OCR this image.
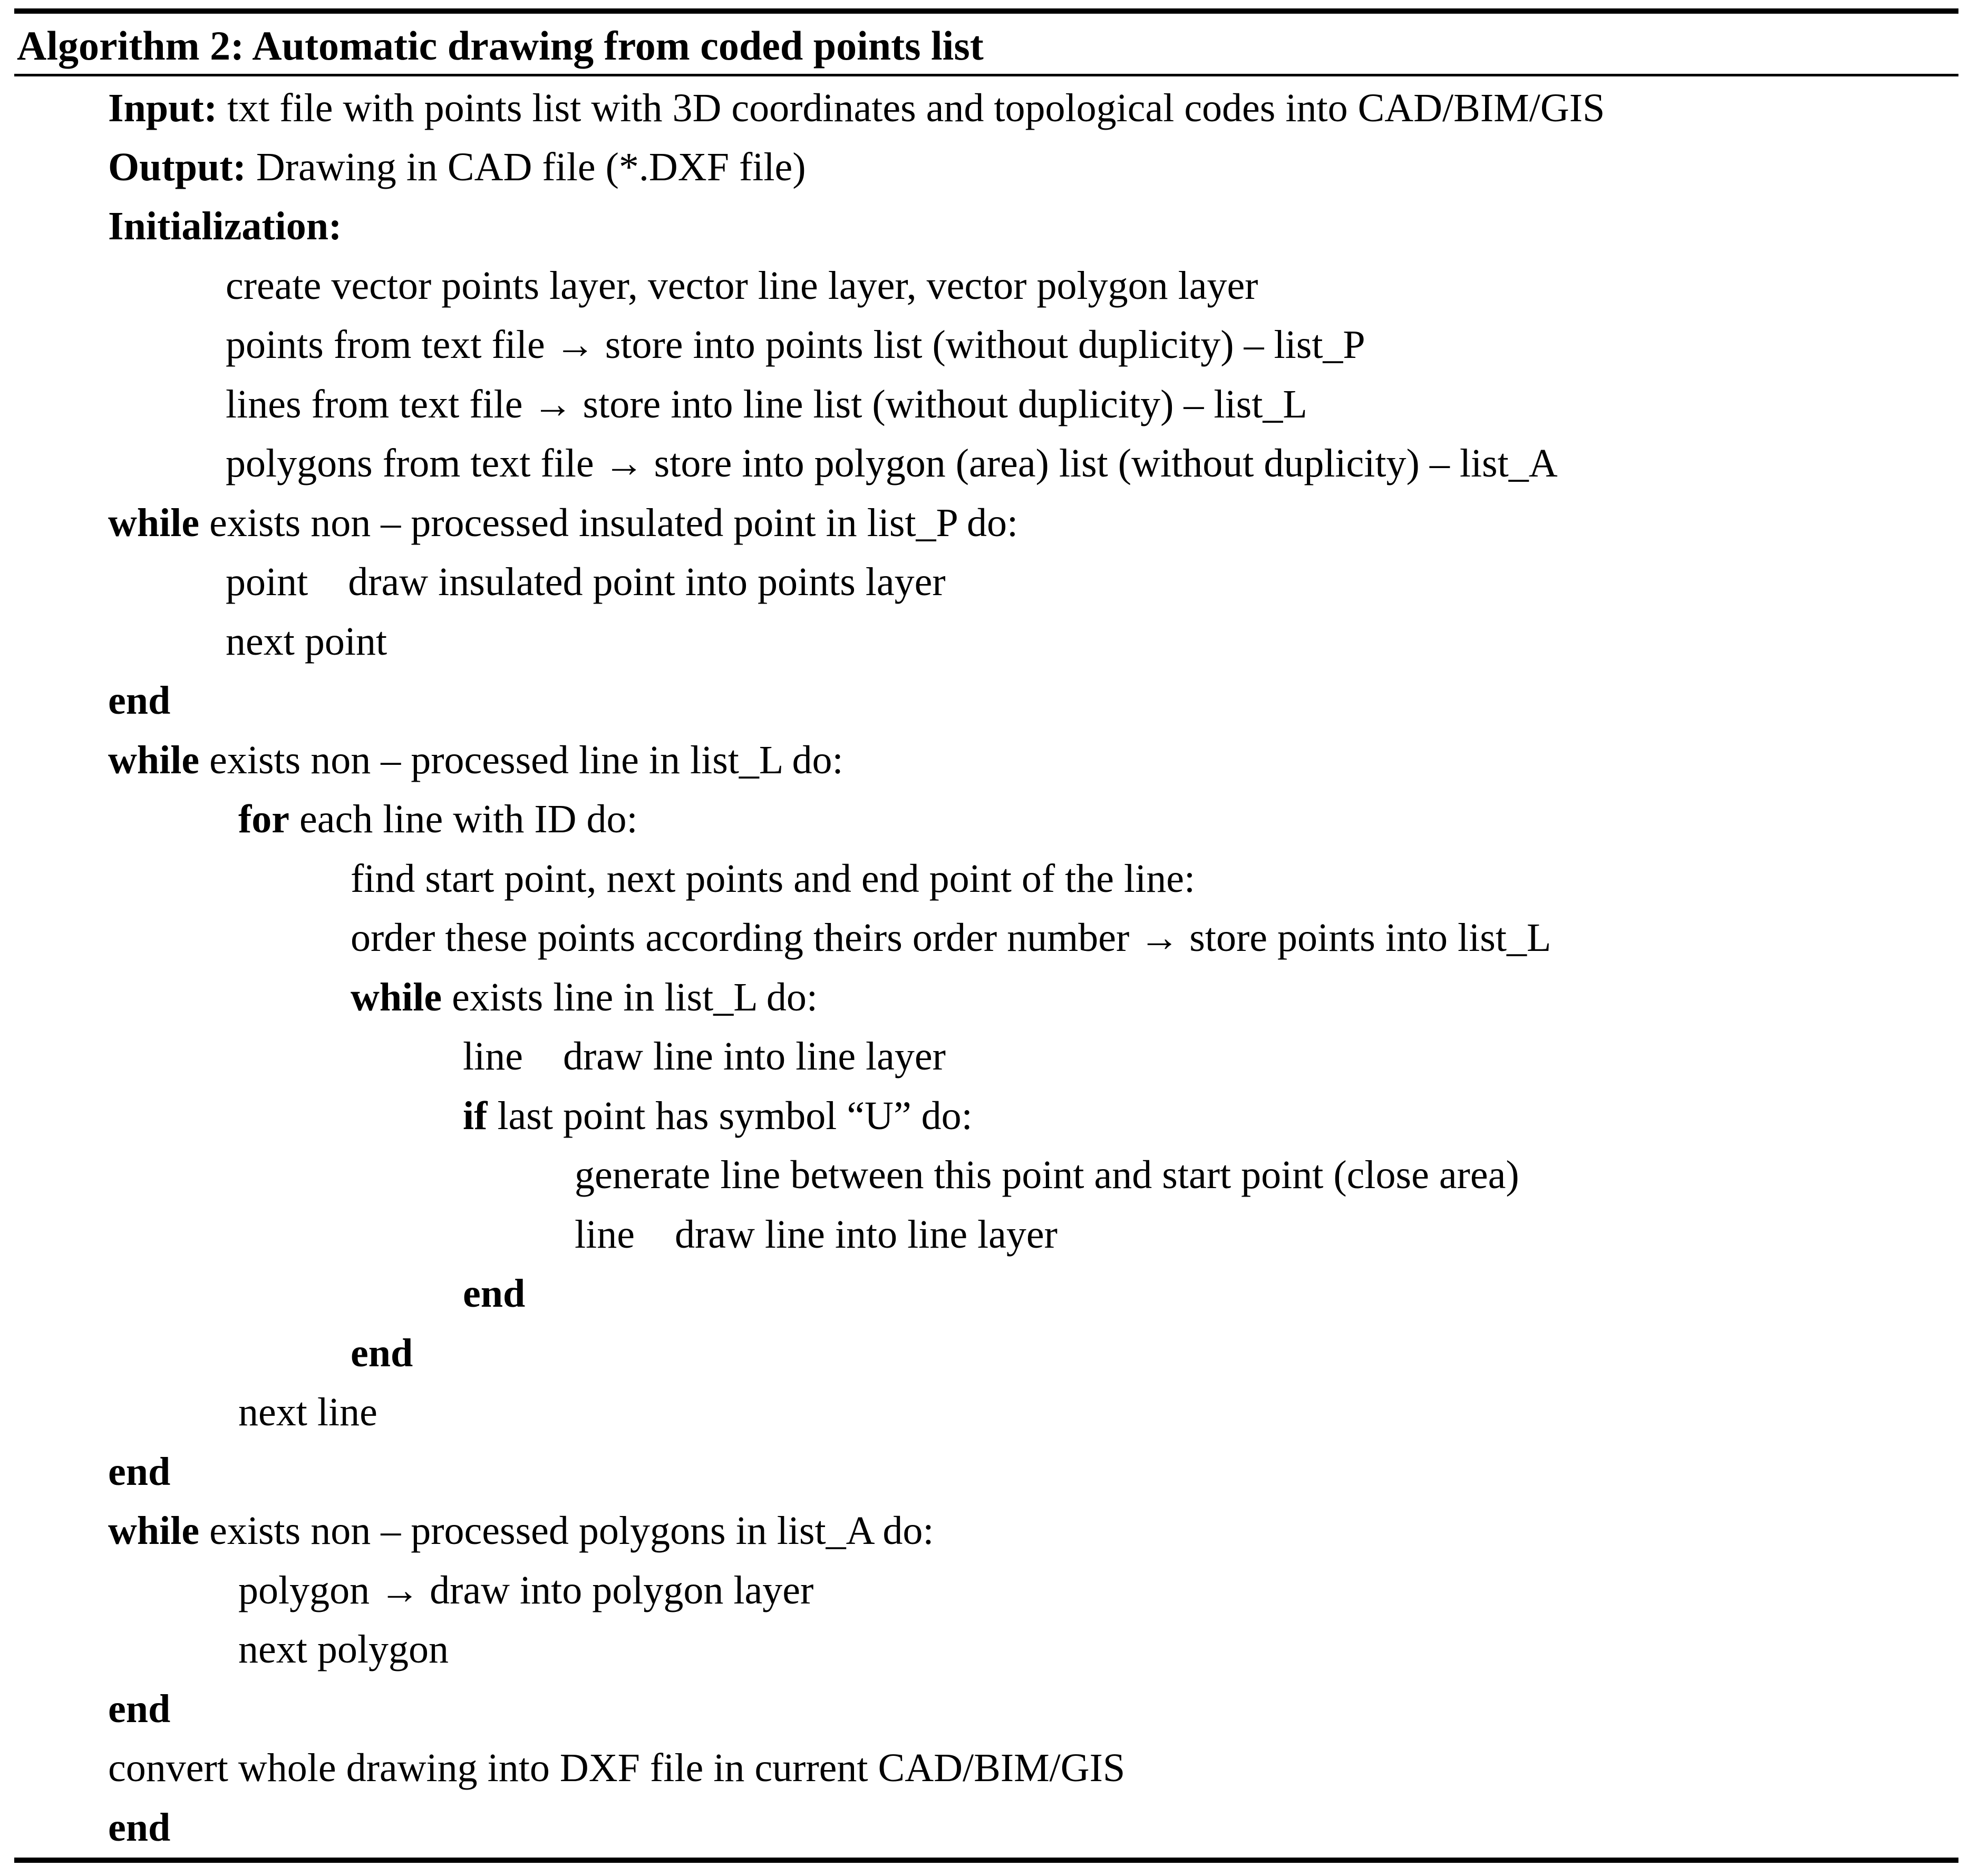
Algorithm 2: Automatic drawing from coded points list
Input: txt file with points list with 3D coordinates and topological codes into CAD/BIM/GIS
Output: Drawing in CAD file (*.DXF file)
Initialization:
create vector points layer, vector line layer, vector polygon layer
points from text file → store into points list (without duplicity) – list_P
lines from text file → store into line list (without duplicity) – list_L
polygons from text file → store into polygon (area) list (without duplicity) – list_A
while exists non – processed insulated point in list_P do:
point    draw insulated point into points layer
next point
end
while exists non – processed line in list_L do:
for each line with ID do:
find start point, next points and end point of the line:
order these points according theirs order number → store points into list_L
while exists line in list_L do:
line    draw line into line layer
if last point has symbol “U” do:
generate line between this point and start point (close area)
line    draw line into line layer
end
end
next line
end
while exists non – processed polygons in list_A do:
polygon → draw into polygon layer
next polygon
end
convert whole drawing into DXF file in current CAD/BIM/GIS
end
